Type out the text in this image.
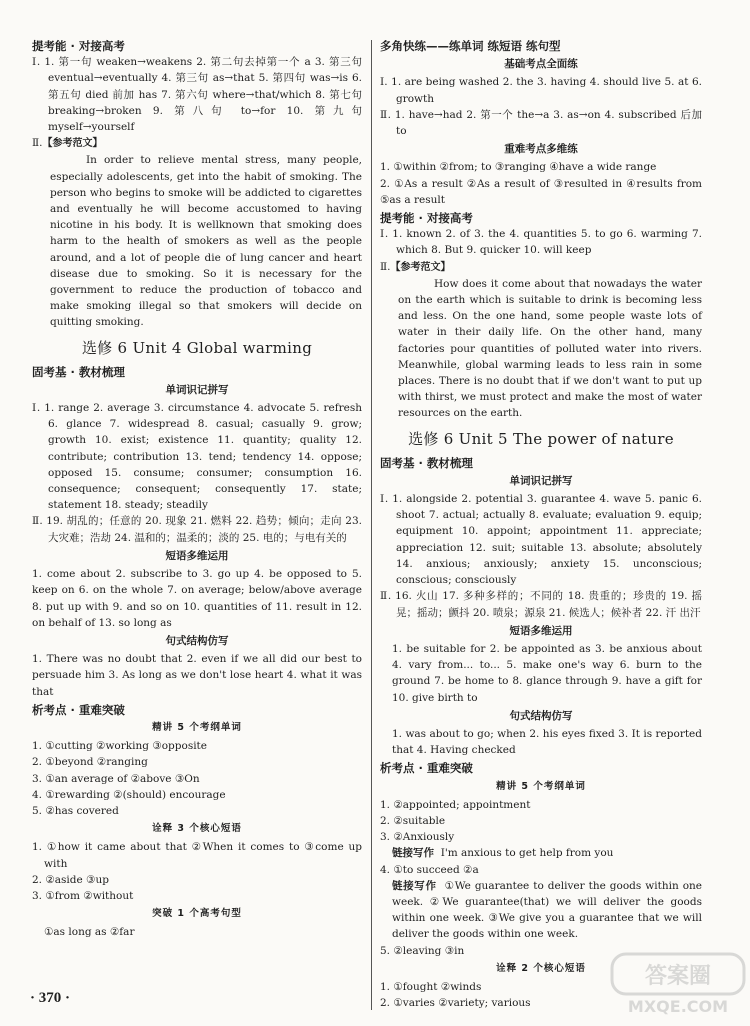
提考能 · 对接高考
Ⅰ. 1. 第一句 weaken→weakens 2. 第二句去掉第一个 a 3. 第三句 eventual→eventually 4. 第三句 as→that 5. 第四句 was→is 6. 第五句 died 前加 has 7. 第六句 where→that/which 8. 第七句 breaking→broken 9. 第八句 to→for 10. 第九句 myself→yourself
Ⅱ.【参考范文】
In order to relieve mental stress, many people, especially adolescents, get into the habit of smoking. The person who begins to smoke will be addicted to cigarettes and eventually he will become accustomed to having nicotine in his body. It is wellknown that smoking does harm to the health of smokers as well as the people around, and a lot of people die of lung cancer and heart disease due to smoking. So it is necessary for the government to reduce the production of tobacco and make smoking illegal so that smokers will decide on quitting smoking.
选修 6 Unit 4 Global warming
固考基 · 教材梳理
单词识记拼写
Ⅰ. 1. range 2. average 3. circumstance 4. advocate 5. refresh 6. glance 7. widespread 8. casual; casually 9. grow; growth 10. exist; existence 11. quantity; quality 12. contribute; contribution 13. tend; tendency 14. oppose; opposed 15. consume; consumer; consumption 16. consequence; consequent; consequently 17. state; statement 18. steady; steadily
Ⅱ. 19. 胡乱的；任意的 20. 现象 21. 燃料 22. 趋势；倾向；走向 23. 大灾难；浩劫 24. 温和的；温柔的；淡的 25. 电的；与电有关的
短语多维运用
1. come about 2. subscribe to 3. go up 4. be opposed to 5. keep on 6. on the whole 7. on average; below/above average 8. put up with 9. and so on 10. quantities of 11. result in 12. on behalf of 13. so long as
句式结构仿写
1. There was no doubt that 2. even if we all did our best to persuade him 3. As long as we don't lose heart 4. what it was that
析考点 · 重难突破
精讲 5 个考纲单词
1. ①cutting ②working ③opposite
2. ①beyond ②ranging
3. ①an average of ②above ③On
4. ①rewarding ②(should) encourage
5. ②has covered
诠释 3 个核心短语
1. ①how it came about that ②When it comes to ③come up with
2. ②aside ③up
3. ①from ②without
突破 1 个高考句型
①as long as ②far
多角快练——练单词 练短语 练句型
基础考点全面练
Ⅰ. 1. are being washed 2. the 3. having 4. should live 5. at 6. growth
Ⅱ. 1. have→had 2. 第一个 the→a 3. as→on 4. subscribed 后加 to
重难考点多维练
1. ①within ②from; to ③ranging ④have a wide range
2. ①As a result ②As a result of ③resulted in ④results from ⑤as a result
提考能 · 对接高考
Ⅰ. 1. known 2. of 3. the 4. quantities 5. to go 6. warming 7. which 8. But 9. quicker 10. will keep
Ⅱ.【参考范文】
How does it come about that nowadays the water on the earth which is suitable to drink is becoming less and less. On the one hand, some people waste lots of water in their daily life. On the other hand, many factories pour quantities of polluted water into rivers. Meanwhile, global warming leads to less rain in some places. There is no doubt that if we don't want to put up with thirst, we must protect and make the most of water resources on the earth.
选修 6 Unit 5 The power of nature
固考基 · 教材梳理
单词识记拼写
Ⅰ. 1. alongside 2. potential 3. guarantee 4. wave 5. panic 6. shoot 7. actual; actually 8. evaluate; evaluation 9. equip; equipment 10. appoint; appointment 11. appreciate; appreciation 12. suit; suitable 13. absolute; absolutely 14. anxious; anxiously; anxiety 15. unconscious; conscious; consciously
Ⅱ. 16. 火山 17. 多种多样的；不同的 18. 贵重的；珍贵的 19. 摇晃；摇动；颤抖 20. 喷泉；源泉 21. 候选人；候补者 22. 汗 出汗
短语多维运用
1. be suitable for 2. be appointed as 3. be anxious about 4. vary from... to... 5. make one's way 6. burn to the ground 7. be home to 8. glance through 9. have a gift for 10. give birth to
句式结构仿写
1. was about to go; when 2. his eyes fixed 3. It is reported that 4. Having checked
析考点 · 重难突破
精讲 5 个考纲单词
1. ②appointed; appointment
2. ②suitable
3. ②Anxiously
链接写作 I'm anxious to get help from you
4. ①to succeed ②a
链接写作 ①We guarantee to deliver the goods within one week. ②We guarantee(that) we will deliver the goods within one week. ③We give you a guarantee that we will deliver the goods within one week.
5. ②leaving ③in
诠释 2 个核心短语
1. ①fought ②winds
2. ①varies ②variety; various
· 370 ·
答案圈
MXQE.COM
